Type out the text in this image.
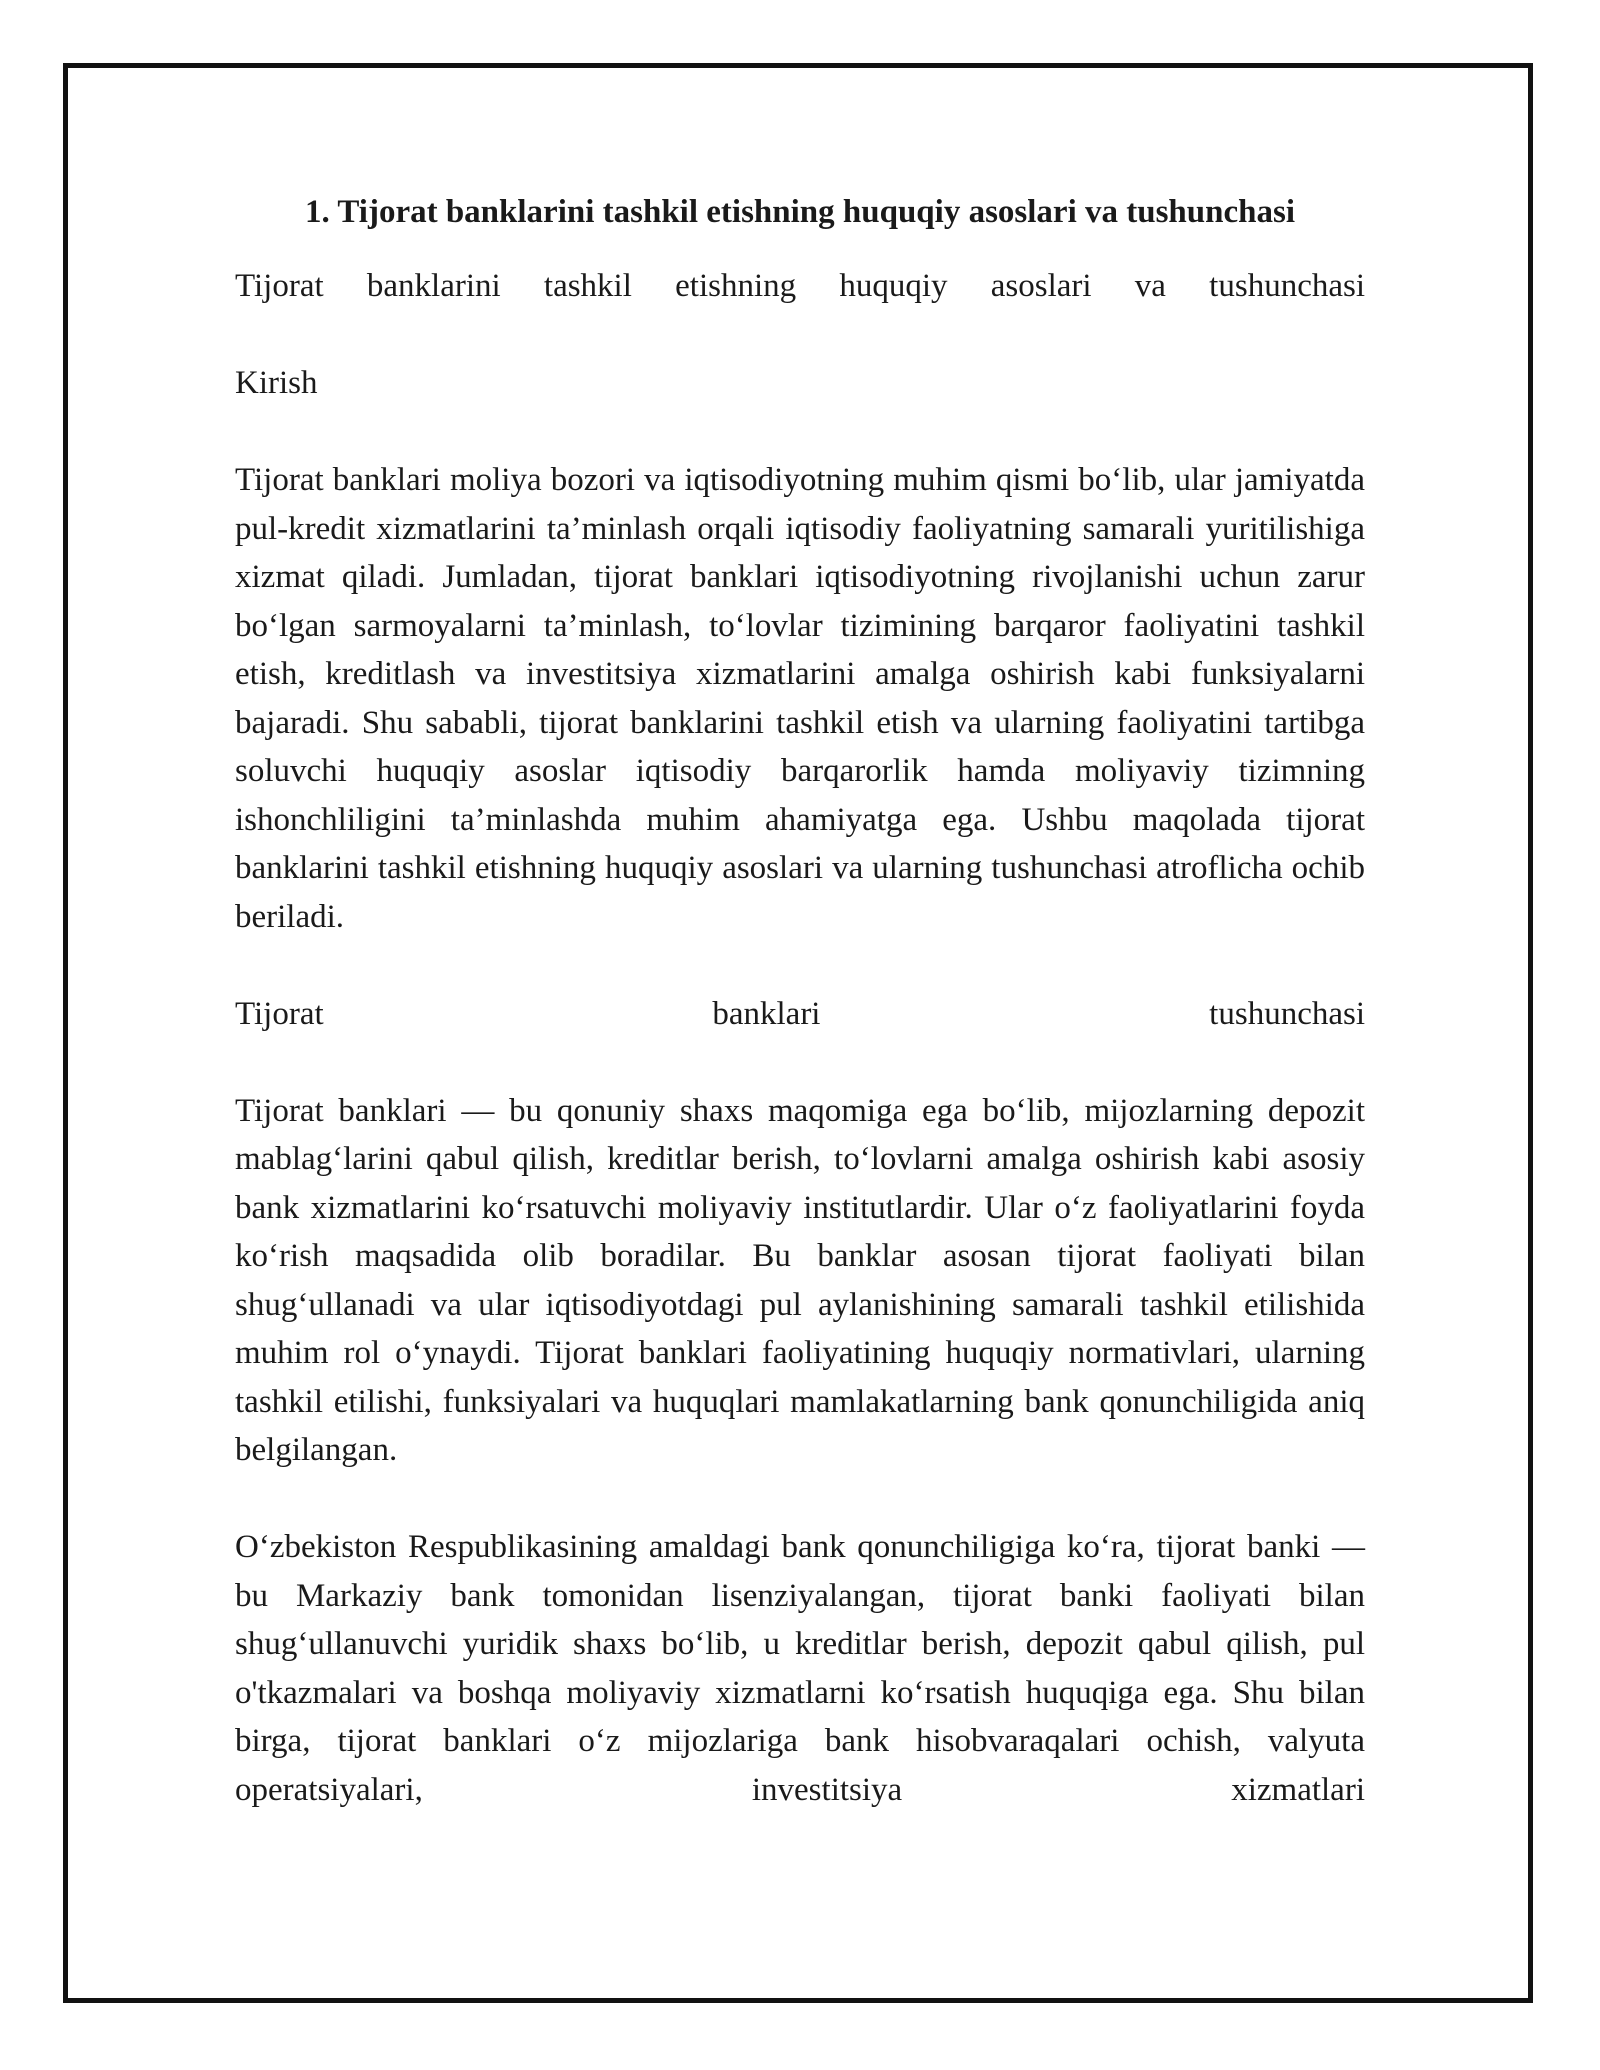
1. Tijorat banklarini tashkil etishning huquqiy asoslari va tushunchasi

Tijorat banklarini tashkil etishning huquqiy asoslari va tushunchasi

Kirish

Tijorat banklari moliya bozori va iqtisodiyotning muhim qismi bo‘lib, ular jamiyatda pul-kredit xizmatlarini ta’minlash orqali iqtisodiy faoliyatning samarali yuritilishiga xizmat qiladi. Jumladan, tijorat banklari iqtisodiyotning rivojlanishi uchun zarur bo‘lgan sarmoyalarni ta’minlash, to‘lovlar tizimining barqaror faoliyatini tashkil etish, kreditlash va investitsiya xizmatlarini amalga oshirish kabi funksiyalarni bajaradi. Shu sababli, tijorat banklarini tashkil etish va ularning faoliyatini tartibga soluvchi huquqiy asoslar iqtisodiy barqarorlik hamda moliyaviy tizimning ishonchliligini ta’minlashda muhim ahamiyatga ega. Ushbu maqolada tijorat banklarini tashkil etishning huquqiy asoslari va ularning tushunchasi atroflicha ochib beriladi.

Tijorat banklari tushunchasi

Tijorat banklari — bu qonuniy shaxs maqomiga ega bo‘lib, mijozlarning depozit mablag‘larini qabul qilish, kreditlar berish, to‘lovlarni amalga oshirish kabi asosiy bank xizmatlarini ko‘rsatuvchi moliyaviy institutlardir. Ular o‘z faoliyatlarini foyda ko‘rish maqsadida olib boradilar. Bu banklar asosan tijorat faoliyati bilan shug‘ullanadi va ular iqtisodiyotdagi pul aylanishining samarali tashkil etilishida muhim rol o‘ynaydi. Tijorat banklari faoliyatining huquqiy normativlari, ularning tashkil etilishi, funksiyalari va huquqlari mamlakatlarning bank qonunchiligida aniq belgilangan.

O‘zbekiston Respublikasining amaldagi bank qonunchiligiga ko‘ra, tijorat banki — bu Markaziy bank tomonidan lisenziyalangan, tijorat banki faoliyati bilan shug‘ullanuvchi yuridik shaxs bo‘lib, u kreditlar berish, depozit qabul qilish, pul o'tkazmalari va boshqa moliyaviy xizmatlarni ko‘rsatish huquqiga ega. Shu bilan birga, tijorat banklari o‘z mijozlariga bank hisobvaraqalari ochish, valyuta operatsiyalari, investitsiya xizmatlari
